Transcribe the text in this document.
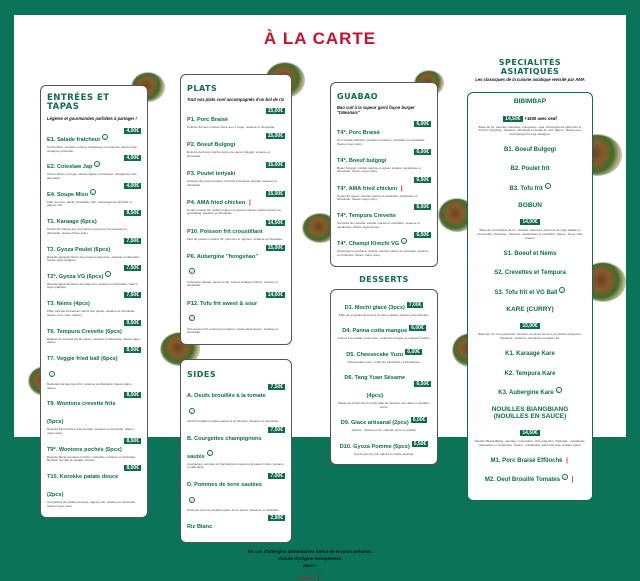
À LA CARTE
ENTRÉES ET
TAPAS
Légères et gourmandes parfaites à partager !
E1. Salade fraîcheur ✓
4,00€
Concombre, tomates cerises, cacahuète et coriandre. Sauce soja vinaigrée pimentée.
E2. Coleslaw Jap ✓
4,00€
Choux blanc et rouge, carotte râpée et sésames. Vinaigrette miso japonaise.
E4. Soupe Miso ✓
4,00€
Pâte de miso, dashi, ciboulette, tofu, champignons de Paris et algues nori.
T1. Karaage (6pcs)
8,50€
Poulet frit mariné aux cinq épices sauce lit mini sésame et ciboulette. Sauce chaux spicy.
T2. Gyoza Poulet (6pcs)
7,50€
Raviolis japonais farcis aux poulet et légumes, sésame et ciboulette. Sauce soja vinaigrée.
T2*. Gyoza VG (6pcs) ✓
7,50€
Raviolis japonais farcis aux légumes, sésame et ciboulette. Sauce soja vinaigrée.
T3. Nems (4pcs)
7,50€
Pâté impérial vietnamien farcis aux poulet, sésame et ciboulette. Sauce nuoc mam maison.
T6. Tempura Crevette (6pcs)
9,50€
Beignet de crevette frit au panko, sésame et ciboulette. Sauce aigre-douce.
T7. Veggie fried ball (6pcs)✓
8,50€
Boulettes de légumes frits, sésame et ciboulette. Sauce aigre-douce.
T9. Wontons crevette frits (5pcs)
8,50€
Raviolis frites farcies à la crevette, sésame et ciboulette. Sauce mayo spicy.
T9*. Wontons pochés (5pcs)
8,50€
Raviolis farcis crevettes pochés, coriandre, sésame et ciboulette. Bouillon au soja et vinaigre chinois.
T10. Korokke patate douce (2pcs)
8,00€
Croquettes de patates douces, algues nori, sésame et ciboulette. Sauce mayo spicy.
PLATS
Tout nos plats sont accompagnés d'un bol de riz
P1. Porc Braisé
15,00€
Poitrine de porc cuisson lente aux 3 sojas, sésame et ciboulette.
P2. Boeuf Bulgogi
15,00€
Émincé de boeuf mariné dans une sauce bulgogi, sésame et ciboulette.
P3. Poulet teriyaki
15,00€
Cuisses de poulet tendres, brocolis à la sauce teriyaki, sésame et ciboulette.
P4. AMA fried chicken ❘
15,00€
Poulet mariné frit, pickles oignon et carotte maison. Sauce épicée au gochujang, sésame et ciboulette.
P10. Poisson frit croustillant
14,50€
Filet de poisson mariné frit, poivrons et oignons, sésame et ciboulette.
P6. Aubergine "hongshao"✓
15,00€
Aubergine sautée, sauce à l'ail, soja et vinaigre chinois, sésame et ciboulette.
P12. Tofu frit sweet & sour✓
14,00€
Tofu soyeux frit, poivrons et oignon, sauce aigre-douce, sésame et ciboulette.
SIDES
A. Oeufs brouillés à la tomate✓
7,50€
Oeufs brouillés tomates sautés à la chinoise. Sésame et ciboulette.
B. Courgettes champignons sautés ✓
7,50€
Courgettes, carottes et champignons sautés à la sauce huître, sésame et ciboulette.
D. Pommes de terre sautées✓
7,00€
Pommes de terre sautées façon sel et poivre. Sésame et ciboulette.
Riz Blanc
2,90€
GUABAO
Bao cuit à la vapeur garni façon burger "taïwanais"
T4*. Porc Braisé
6,00€
Porc braisé effiloché, carottes marinées, coriandre et cacahuète. Sauce mayo spicy.
T4*. Boeuf bulgogi
6,00€
Boeuf bulgogi, carotte mariné et oignon pickles, cacahuète et ciboulette. Sauce mayo spicy.
T4*. AMA fried chicken ❘
6,50€
Poulet frit sauce, carotte mariné et coriandre, cacahuète et ciboulette. Sauce mayo spicy.
T4*. Tempura Crevette
6,50€
Tempura de crevette, carotte mariné et coriandre, sésame et cacahuète. Sauce aigre-douce.
T4*. Champi Kimchi VG ✓
6,50€
Champignon parfumé, kimchi, carotte mariné et coriandre, sésame et coriandre. Sauce mayo spicy.
DESSERTS
D1. Mochi glacé (3pcs) 7,00€
Pâte de riz gluant fourrée à la crème glacée (saveur à demander).
D4. Panna cotta mangue 6,00€
Crème à la vanille et lait coco, coulis de mangue et mangue fraîche.
D5. Cheesecake Yuzu 6,00€
Cheesecake yuzu, coulis de framboise et framboises.
D6. Tang Yuan Sésame (4pcs)
6,50€
Boule de mochi fourré d'une pâte de sésame noir dans un bouillon sucré.
D9. Glace artisanal (2pcs) 6,00€
Parfum : Sésame noir, matcha, yuzu ou vanille.
D10. Gyoza Pomme (5pcs) 5,50€
Gyoza pomme frit, épices et coulis caramel.
SPECIALITÉS
ASIATIQUES
Les classiques de la cuisine asiatique revisité par AMA
BIBIMBAP
14,50€ +1€00 avec oeuf
Base de riz, carottes marinées, courgettes, soja, champignons parfumés et kimchi. Toppings : Sésame, ciboulette et feuille de nori. Sauce : Épicée aux Gochujang OU soja vinaigrée.
B1. Boeuf Bulgogi
B2. Poulet frit
B3. Tofu frit ✓
BOBUN
14,00€
Base de vermicelles de riz, carottes marinées, poivrons de soja, salade et concombre. Toppings : Sésame, cacahuètes et coriandre. Sauce : Nuoc mam maison.
S1. Boeuf et Nems
S2. Crevettes et Tempura
S3. Tofu frit et VG Ball ✓
KARE (CURRY)
15,00€
Base de riz, curry japonais, carottes, pommes de terre et pickles d'oignons. Toppings : Sésame, ciboulette et oignon frit.
K1. Karaage Kare
K2. Tempura Kare
K3. Aubergine Kare ✓
NOUILLES BIANGBIANG
(NOUILLES EN SAUCE)
14,50€
Nouilles Biang Biang, carottes, concombre, chou pak choi. Toppings : cacahuète, ciboulettes et coriandres. Sauce : Cacahuète épicé OU soja vinaigre épicé.
M1. Porc Braisé Effiloché ❘
M2. Oeuf Brouillé Tomates ✓ ❘
En cas d'allergies alimentaires merci de le nous préciser.
Viande d'origine européenne.
INDEX :
Végétarien ✓
Pimenté ❘
